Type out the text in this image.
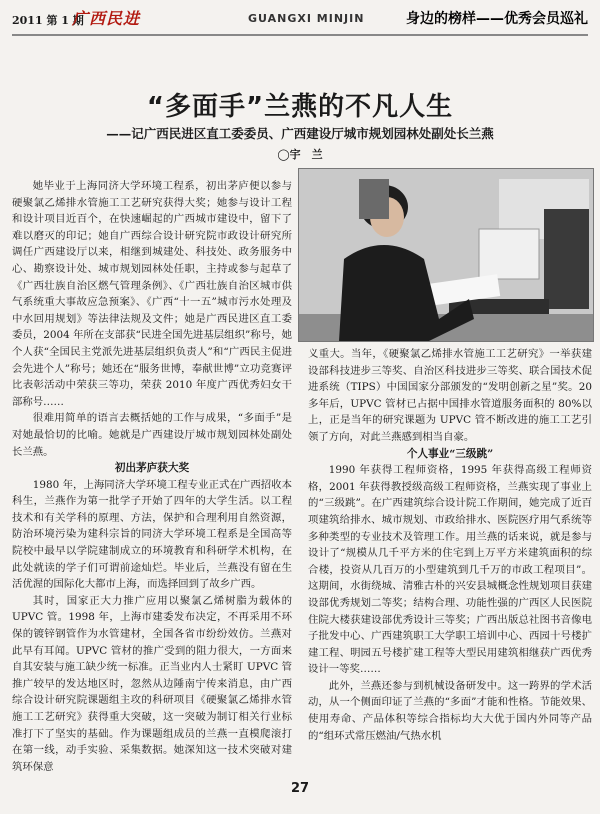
2011 第 1 期
广西民进	GUANGXI MINJIN	身边的榜样——优秀会员巡礼
“多面手”兰燕的不凡人生
——记广西民进区直工委委员、广西建设厅城市规划园林处副处长兰燕
◯宇　兰

她毕业于上海同济大学环境工程系，初出茅庐便以参与硬聚氯乙烯排水管施工工艺研究获得大奖；她参与设计工程和设计项目近百个，在快速崛起的广西城市建设中，留下了难以磨灭的印记；她自广西综合设计研究院市政设计研究所调任广西建设厅以来，相继到城建处、科技处、政务服务中心、勘察设计处、城市规划园林处任职，主持或参与起草了《广西壮族自治区燃气管理条例》、《广西壮族自治区城市供气系统重大事故应急预案》、《广西“十一五”城市污水处理及中水回用规划》等法律法规及文件；她是广西民进区直工委委员，2004 年所在支部获“民进全国先进基层组织”称号，她个人获“全国民主党派先进基层组织负责人”和“广西民主促进会先进个人”称号；她还在“服务世博，奉献世博”立功竞赛评比表彰活动中荣获三等功，荣获 2010 年度广西优秀妇女干部称号……

很难用简单的语言去概括她的工作与成果，“多面手”是对她最恰切的比喻。她就是广西建设厅城市规划园林处副处长兰燕。

初出茅庐获大奖

1980 年，上海同济大学环境工程专业正式在广西招收本科生，兰燕作为第一批学子开始了四年的大学生活。以工程技术和有关学科的原理、方法，保护和合理利用自然资源，防治环境污染为建科宗旨的同济大学环境工程系是全国高等院校中最早以学院建制成立的环境教育和科研学术机构，在此处就读的学子们可谓前途灿烂。毕业后，兰燕没有留在生活优渥的国际化大都市上海，而选择回到了故乡广西。

其时，国家正大力推广应用以聚氯乙烯树脂为载体的 UPVC 管。1998 年，上海市建委发布决定，不再采用不环保的镀锌钢管作为水管建材，全国各省市纷纷效仿。兰燕对此早有耳闻。UPVC 管材的推广受到的阻力很大，一方面来自其安装与施工缺少统一标准。正当业内人士紧盯 UPVC 管推广较早的发达地区时，忽然从边陲南宁传来消息，由广西综合设计研究院课题组主攻的科研项目《硬聚氯乙烯排水管施工工艺研究》获得重大突破，这一突破为制订相关行业标准打下了坚实的基础。作为课题组成员的兰燕一直模爬滚打在第一线，动手实验、采集数据。她深知这一技术突破对建筑环保意

义重大。当年，《硬聚氯乙烯排水管施工工艺研究》一举获建设部科技进步三等奖、自治区科技进步三等奖、联合国技术促进系统（TIPS）中国国家分部颁发的“发明创新之星”奖。20 多年后，UPVC 管材已占据中国排水管道服务面积的 80%以上，正是当年的研究课题为 UPVC 管不断改进的施工工艺引领了方向，对此兰燕感到相当自豪。

个人事业“三级跳”

1990 年获得工程师资格，1995 年获得高级工程师资格，2001 年获得教授级高级工程师资格，兰燕实现了事业上的“三级跳”。在广西建筑综合设计院工作期间，她完成了近百项建筑给排水、城市规划、市政给排水、医院医疗用气系统等多种类型的专业技术及管理工作。用兰燕的话来说，就是参与设计了“规模从几千平方米的住宅到上万平方米建筑面积的综合楼，投资从几百万的小型建筑到几千万的市政工程项目”。这期间，水街绕城、清雅古朴的兴安县城概念性规划项目获建设部优秀规划二等奖；结构合理、功能性强的广西区人民医院住院大楼获建设部优秀设计三等奖；广西出版总社图书音像电子批发中心、广西建筑职工大学职工培训中心、西园十号楼扩建工程、明园五号楼扩建工程等大型民用建筑相继获广西优秀设计一等奖……

此外，兰燕还参与到机械设备研发中。这一跨界的学术活动，从一个侧面印证了兰燕的“多面”才能和性格。节能效果、使用寿命、产品体积等综合指标均大大优于国内外同等产品的“组环式常压燃油/气热水机

27
